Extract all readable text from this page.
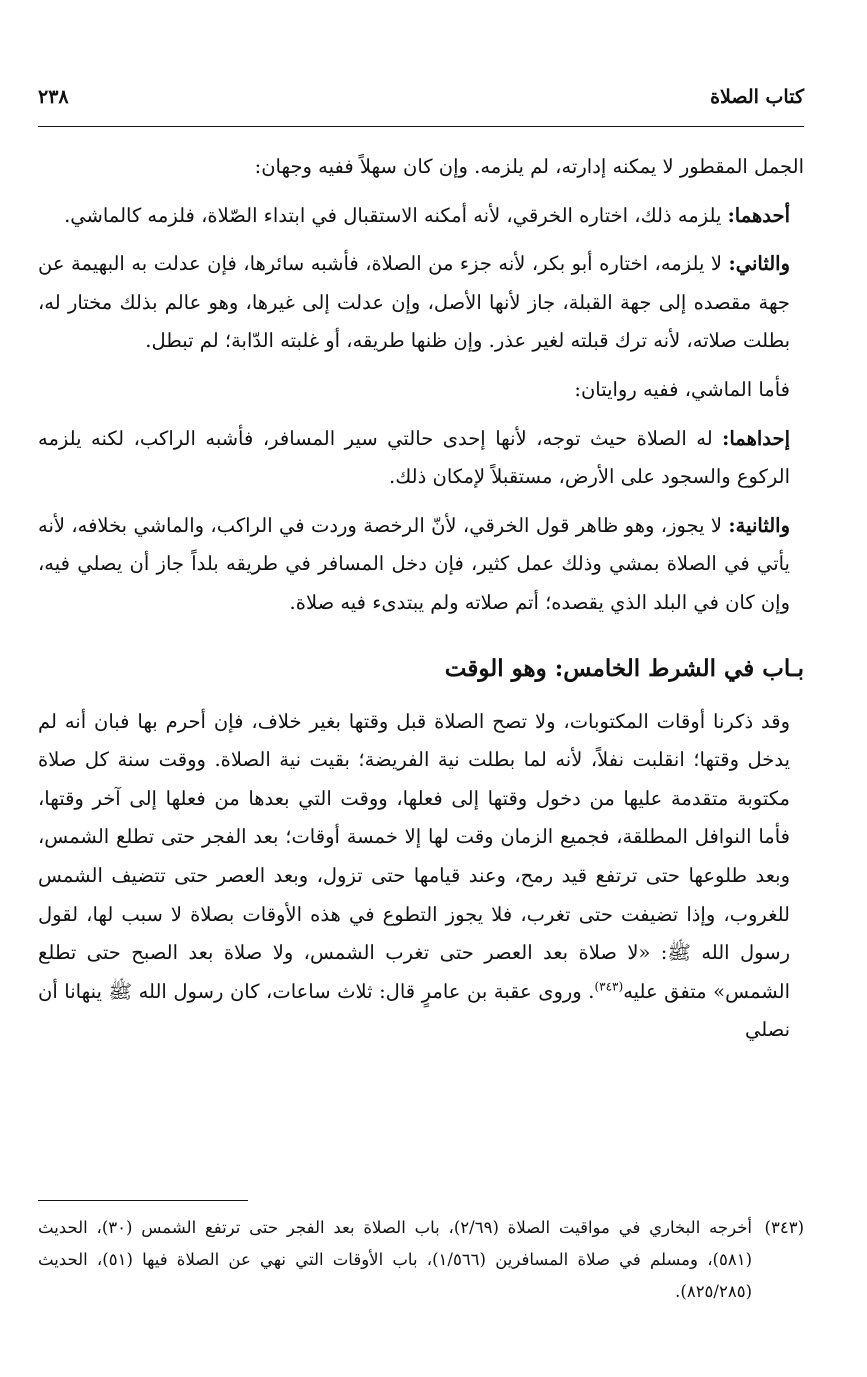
كتاب الصلاة
٢٣٨

الجمل المقطور لا يمكنه إدارته، لم يلزمه. وإن كان سهلاً ففيه وجهان:

أحدهما: يلزمه ذلك، اختاره الخرقي، لأنه أمكنه الاستقبال في ابتداء الصّلاة، فلزمه كالماشي.

والثاني: لا يلزمه، اختاره أبو بكر، لأنه جزء من الصلاة، فأشبه سائرها، فإن عدلت به البهيمة عن جهة مقصده إلى جهة القبلة، جاز لأنها الأصل، وإن عدلت إلى غيرها، وهو عالم بذلك مختار له، بطلت صلاته، لأنه ترك قبلته لغير عذر. وإن ظنها طريقه، أو غلبته الدّابة؛ لم تبطل.

فأما الماشي، ففيه روايتان:

إحداهما: له الصلاة حيث توجه، لأنها إحدى حالتي سير المسافر، فأشبه الراكب، لكنه يلزمه الركوع والسجود على الأرض، مستقبلاً لإمكان ذلك.

والثانية: لا يجوز، وهو ظاهر قول الخرقي، لأنّ الرخصة وردت في الراكب، والماشي بخلافه، لأنه يأتي في الصلاة بمشي وذلك عمل كثير، فإن دخل المسافر في طريقه بلداً جاز أن يصلي فيه، وإن كان في البلد الذي يقصده؛ أتم صلاته ولم يبتدىء فيه صلاة.

بـاب في الشرط الخامس: وهو الوقت

وقد ذكرنا أوقات المكتوبات، ولا تصح الصلاة قبل وقتها بغير خلاف، فإن أحرم بها فبان أنه لم يدخل وقتها؛ انقلبت نفلاً، لأنه لما بطلت نية الفريضة؛ بقيت نية الصلاة. ووقت سنة كل صلاة مكتوبة متقدمة عليها من دخول وقتها إلى فعلها، ووقت التي بعدها من فعلها إلى آخر وقتها، فأما النوافل المطلقة، فجميع الزمان وقت لها إلا خمسة أوقات؛ بعد الفجر حتى تطلع الشمس، وبعد طلوعها حتى ترتفع قيد رمح، وعند قيامها حتى تزول، وبعد العصر حتى تتضيف الشمس للغروب، وإذا تضيفت حتى تغرب، فلا يجوز التطوع في هذه الأوقات بصلاة لا سبب لها، لقول رسول الله ﷺ: «لا صلاة بعد العصر حتى تغرب الشمس، ولا صلاة بعد الصبح حتى تطلع الشمس» متفق عليه$^{(٣٤٣)}$. وروى عقبة بن عامرٍ قال: ثلاث ساعات، كان رسول الله ﷺ ينهانا أن نصلي

(٣٤٣)
أخرجه البخاري في مواقيت الصلاة (٢/٦٩)، باب الصلاة بعد الفجر حتى ترتفع الشمس (٣٠)، الحديث (٥٨١)، ومسلم في صلاة المسافرين (١/٥٦٦)، باب الأوقات التي نهي عن الصلاة فيها (٥١)، الحديث (٨٢٥/٢٨٥).
